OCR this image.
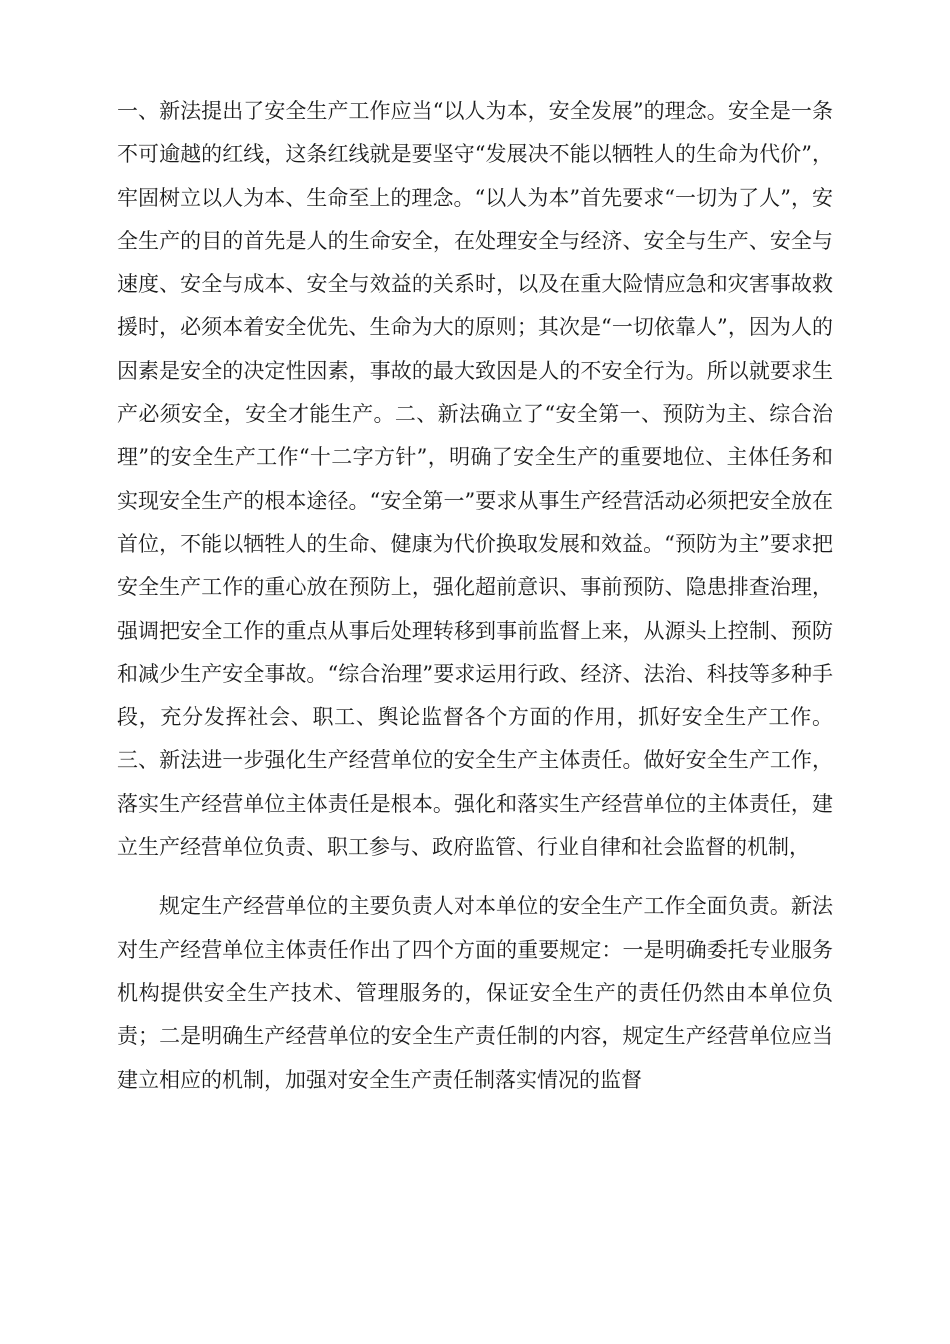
一、新法提出了安全生产工作应当“以人为本，安全发展”的理念。安全是一条不可逾越的红线，这条红线就是要坚守“发展决不能以牺牲人的生命为代价”，牢固树立以人为本、生命至上的理念。“以人为本”首先要求“一切为了人”，安全生产的目的首先是人的生命安全，在处理安全与经济、安全与生产、安全与速度、安全与成本、安全与效益的关系时，以及在重大险情应急和灾害事故救援时，必须本着安全优先、生命为大的原则；其次是“一切依靠人”，因为人的因素是安全的决定性因素，事故的最大致因是人的不安全行为。所以就要求生产必须安全，安全才能生产。二、新法确立了“安全第一、预防为主、综合治理”的安全生产工作“十二字方针”，明确了安全生产的重要地位、主体任务和实现安全生产的根本途径。“安全第一”要求从事生产经营活动必须把安全放在首位，不能以牺牲人的生命、健康为代价换取发展和效益。“预防为主”要求把安全生产工作的重心放在预防上，强化超前意识、事前预防、隐患排查治理，强调把安全工作的重点从事后处理转移到事前监督上来，从源头上控制、预防和减少生产安全事故。“综合治理”要求运用行政、经济、法治、科技等多种手段，充分发挥社会、职工、舆论监督各个方面的作用，抓好安全生产工作。三、新法进一步强化生产经营单位的安全生产主体责任。做好安全生产工作，落实生产经营单位主体责任是根本。强化和落实生产经营单位的主体责任，建立生产经营单位负责、职工参与、政府监管、行业自律和社会监督的机制，

规定生产经营单位的主要负责人对本单位的安全生产工作全面负责。新法对生产经营单位主体责任作出了四个方面的重要规定：一是明确委托专业服务机构提供安全生产技术、管理服务的，保证安全生产的责任仍然由本单位负责；二是明确生产经营单位的安全生产责任制的内容，规定生产经营单位应当建立相应的机制，加强对安全生产责任制落实情况的监督
